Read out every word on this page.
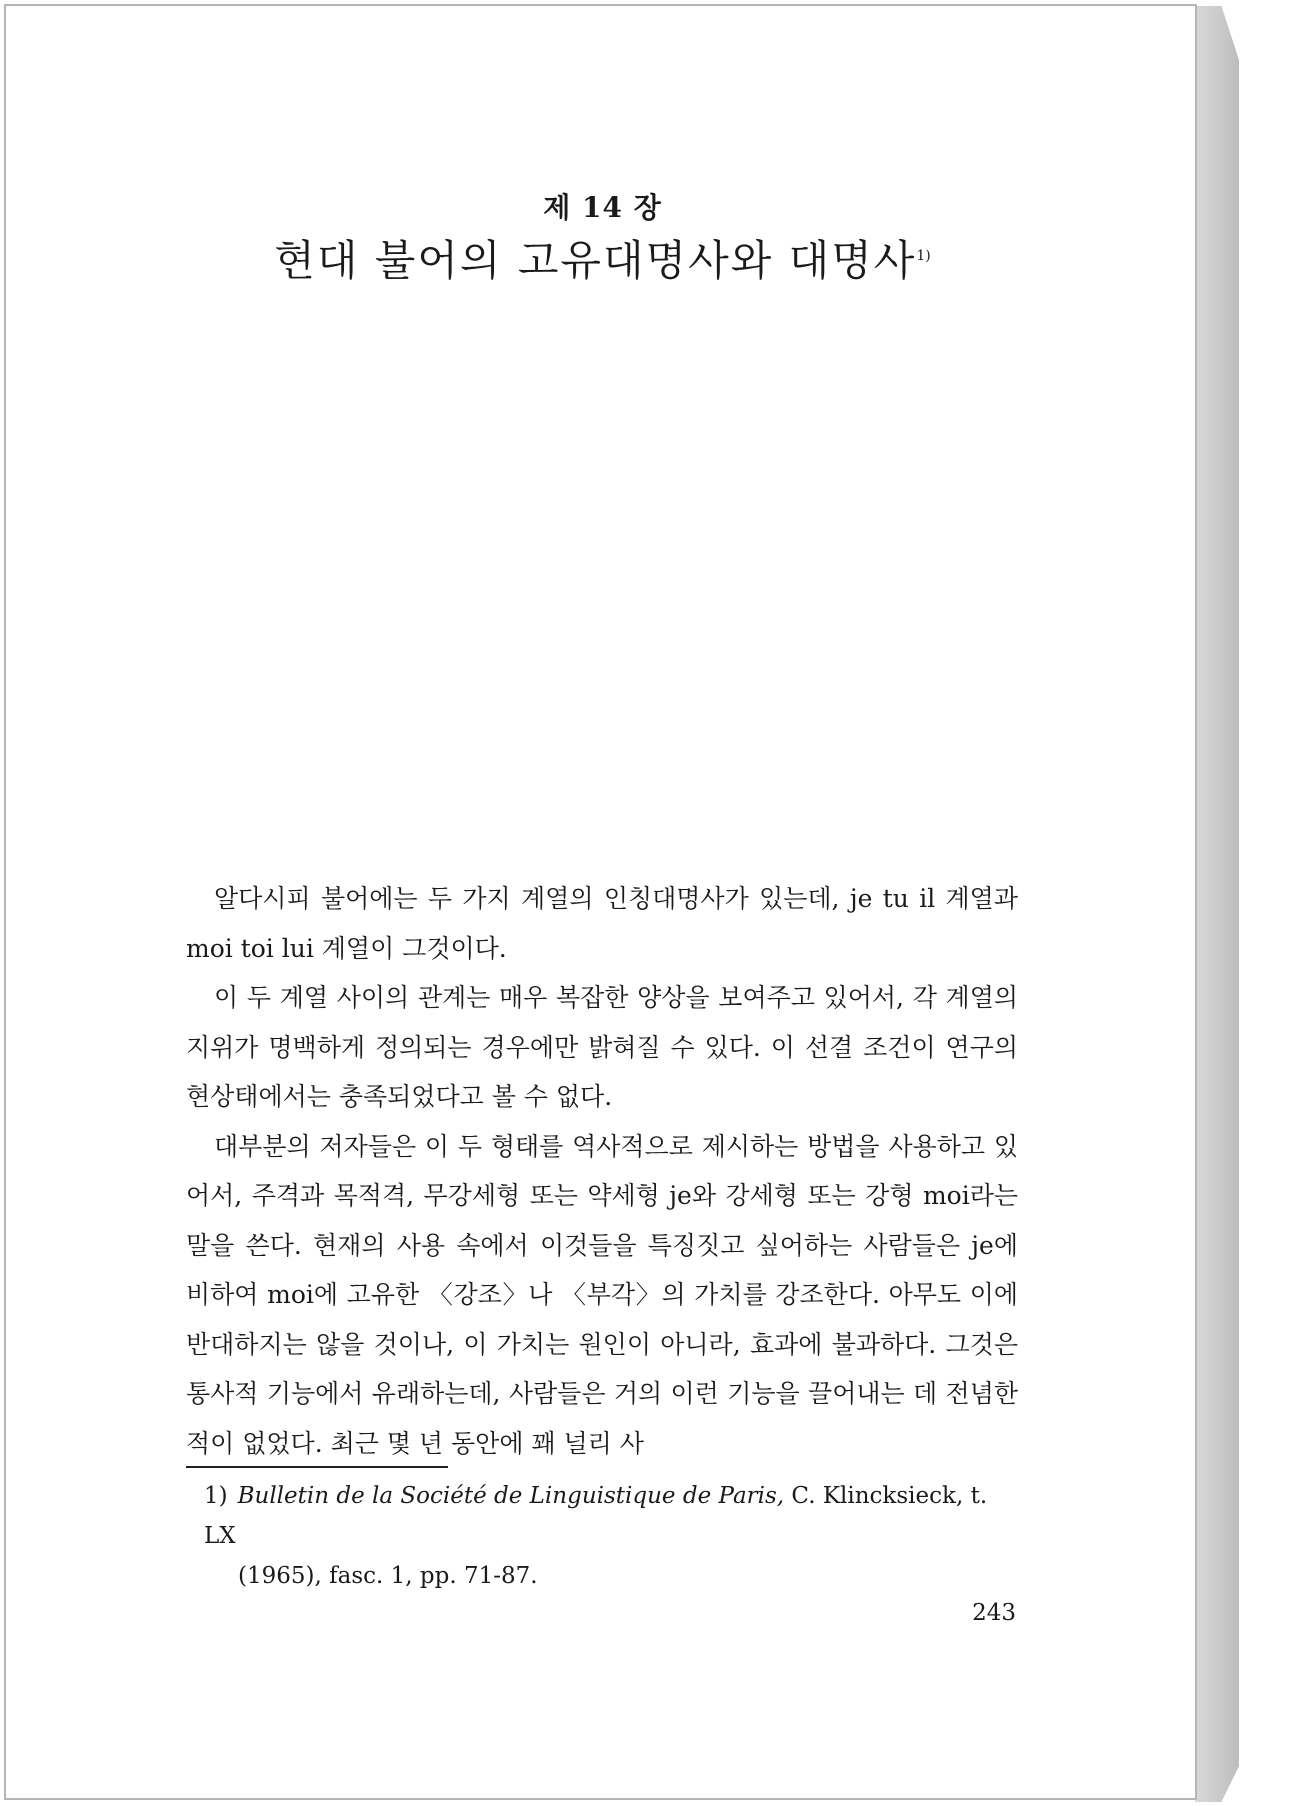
제 14 장
현대 불어의 고유대명사와 대명사$^{1)}$

알다시피 불어에는 두 가지 계열의 인칭대명사가 있는데, je tu il 계열과 moi toi lui 계열이 그것이다.

이 두 계열 사이의 관계는 매우 복잡한 양상을 보여주고 있어서, 각 계열의 지위가 명백하게 정의되는 경우에만 밝혀질 수 있다. 이 선결 조건이 연구의 현상태에서는 충족되었다고 볼 수 없다.

대부분의 저자들은 이 두 형태를 역사적으로 제시하는 방법을 사용하고 있어서, 주격과 목적격, 무강세형 또는 약세형 je와 강세형 또는 강형 moi라는 말을 쓴다. 현재의 사용 속에서 이것들을 특징짓고 싶어하는 사람들은 je에 비하여 moi에 고유한 〈강조〉나 〈부각〉의 가치를 강조한다. 아무도 이에 반대하지는 않을 것이나, 이 가치는 원인이 아니라, 효과에 불과하다. 그것은 통사적 기능에서 유래하는데, 사람들은 거의 이런 기능을 끌어내는 데 전념한 적이 없었다. 최근 몇 년 동안에 꽤 널리 사

1) Bulletin de la Société de Linguistique de Paris, C. Klincksieck, t. LX
(1965), fasc. 1, pp. 71-87.
243
